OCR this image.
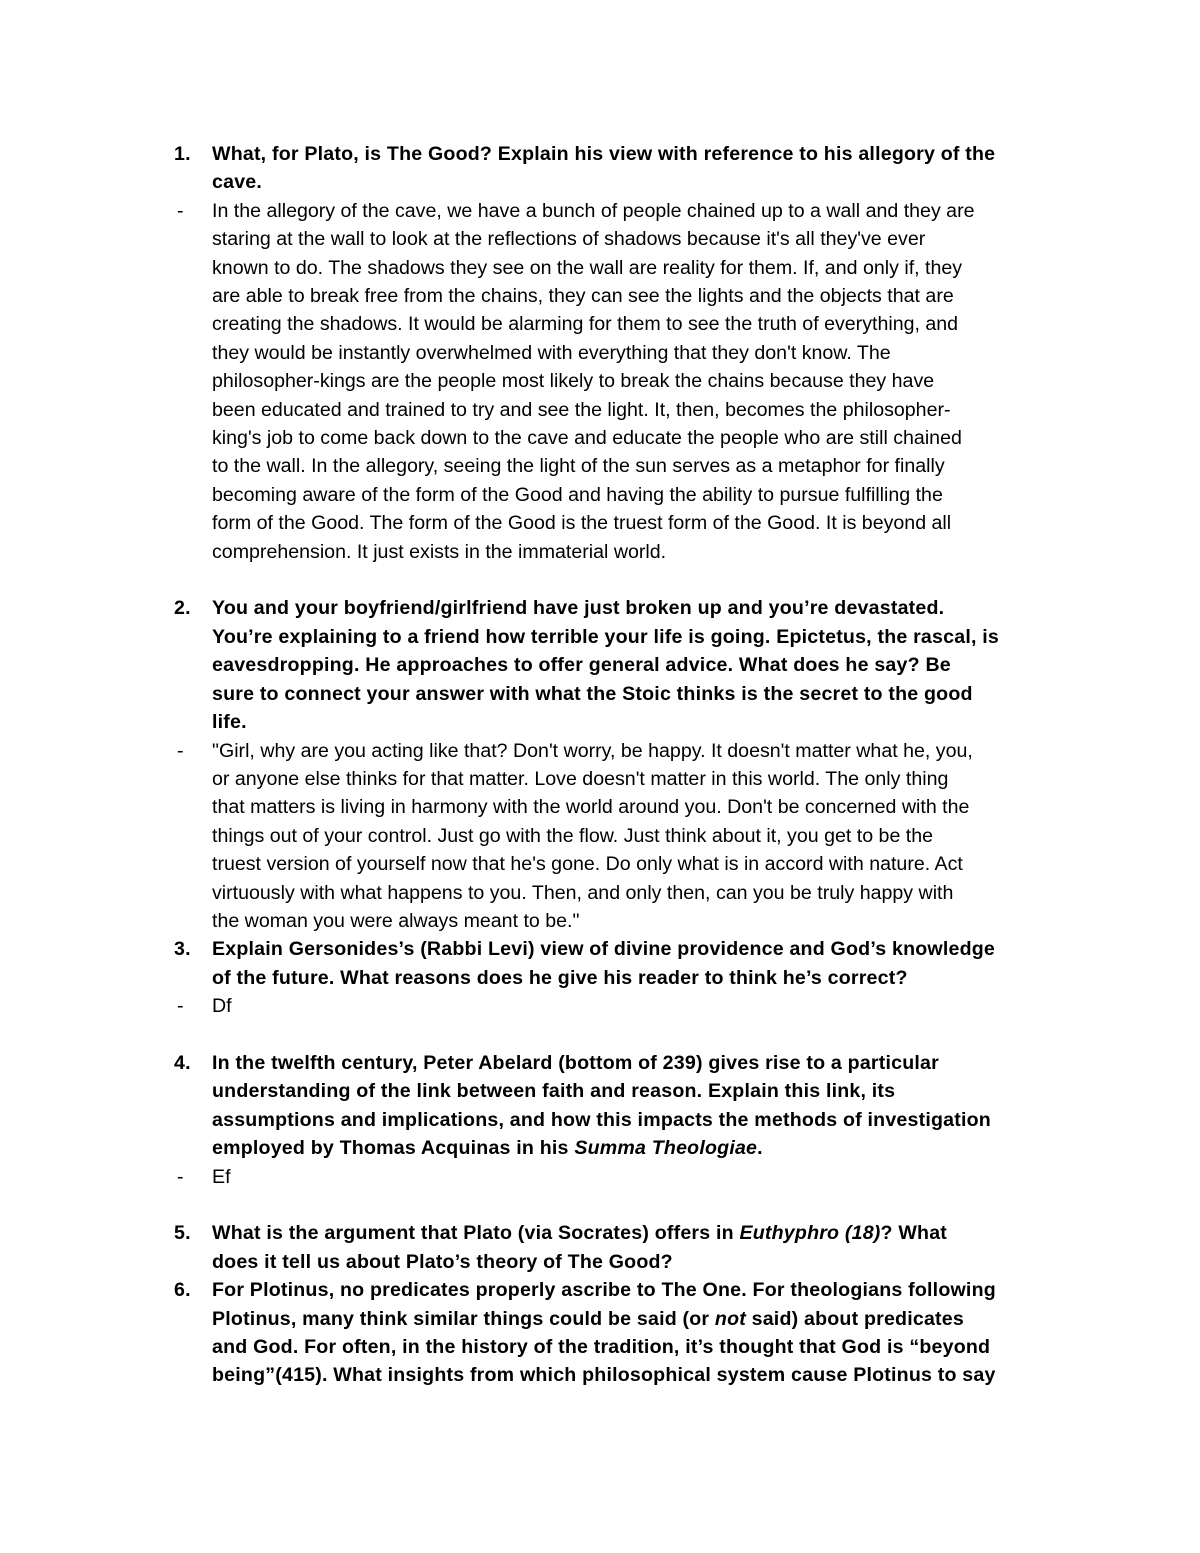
1. What, for Plato, is The Good? Explain his view with reference to his allegory of the
cave.
- In the allegory of the cave, we have a bunch of people chained up to a wall and they are
staring at the wall to look at the reflections of shadows because it's all they've ever
known to do. The shadows they see on the wall are reality for them. If, and only if, they
are able to break free from the chains, they can see the lights and the objects that are
creating the shadows. It would be alarming for them to see the truth of everything, and
they would be instantly overwhelmed with everything that they don't know. The
philosopher-kings are the people most likely to break the chains because they have
been educated and trained to try and see the light. It, then, becomes the philosopher-
king's job to come back down to the cave and educate the people who are still chained
to the wall. In the allegory, seeing the light of the sun serves as a metaphor for finally
becoming aware of the form of the Good and having the ability to pursue fulfilling the
form of the Good. The form of the Good is the truest form of the Good. It is beyond all
comprehension. It just exists in the immaterial world.
2. You and your boyfriend/girlfriend have just broken up and you’re devastated.
You’re explaining to a friend how terrible your life is going. Epictetus, the rascal, is
eavesdropping. He approaches to offer general advice. What does he say? Be
sure to connect your answer with what the Stoic thinks is the secret to the good
life.
- "Girl, why are you acting like that? Don't worry, be happy. It doesn't matter what he, you,
or anyone else thinks for that matter. Love doesn't matter in this world. The only thing
that matters is living in harmony with the world around you. Don't be concerned with the
things out of your control. Just go with the flow. Just think about it, you get to be the
truest version of yourself now that he's gone. Do only what is in accord with nature. Act
virtuously with what happens to you. Then, and only then, can you be truly happy with
the woman you were always meant to be."
3. Explain Gersonides’s (Rabbi Levi) view of divine providence and God’s knowledge
of the future. What reasons does he give his reader to think he’s correct?
- Df
4. In the twelfth century, Peter Abelard (bottom of 239) gives rise to a particular
understanding of the link between faith and reason. Explain this link, its
assumptions and implications, and how this impacts the methods of investigation
employed by Thomas Acquinas in his Summa Theologiae.
- Ef
5. What is the argument that Plato (via Socrates) offers in Euthyphro (18)? What
does it tell us about Plato’s theory of The Good?
6. For Plotinus, no predicates properly ascribe to The One. For theologians following
Plotinus, many think similar things could be said (or not said) about predicates
and God. For often, in the history of the tradition, it’s thought that God is “beyond
being”(415). What insights from which philosophical system cause Plotinus to say
